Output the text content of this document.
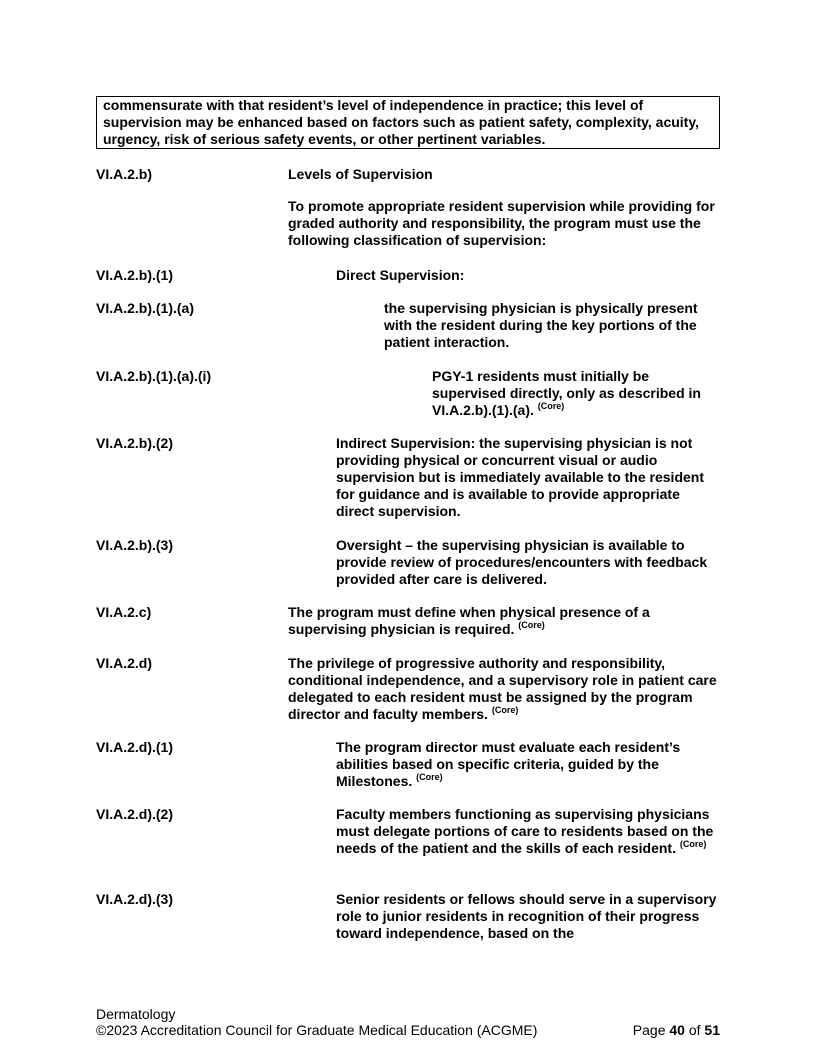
commensurate with that resident’s level of independence in practice; this level of supervision may be enhanced based on factors such as patient safety, complexity, acuity, urgency, risk of serious safety events, or other pertinent variables.
VI.A.2.b)	Levels of Supervision
To promote appropriate resident supervision while providing for graded authority and responsibility, the program must use the following classification of supervision:
VI.A.2.b).(1)	Direct Supervision:
VI.A.2.b).(1).(a)	the supervising physician is physically present with the resident during the key portions of the patient interaction.
VI.A.2.b).(1).(a).(i)	PGY-1 residents must initially be supervised directly, only as described in VI.A.2.b).(1).(a). $^{(Core)}$
VI.A.2.b).(2)	Indirect Supervision: the supervising physician is not providing physical or concurrent visual or audio supervision but is immediately available to the resident for guidance and is available to provide appropriate direct supervision.
VI.A.2.b).(3)	Oversight – the supervising physician is available to provide review of procedures/encounters with feedback provided after care is delivered.
VI.A.2.c)	The program must define when physical presence of a supervising physician is required. $^{(Core)}$
VI.A.2.d)	The privilege of progressive authority and responsibility, conditional independence, and a supervisory role in patient care delegated to each resident must be assigned by the program director and faculty members. $^{(Core)}$
VI.A.2.d).(1)	The program director must evaluate each resident’s abilities based on specific criteria, guided by the Milestones. $^{(Core)}$
VI.A.2.d).(2)	Faculty members functioning as supervising physicians must delegate portions of care to residents based on the needs of the patient and the skills of each resident. $^{(Core)}$
VI.A.2.d).(3)	Senior residents or fellows should serve in a supervisory role to junior residents in recognition of their progress toward independence, based on the
Dermatology
©2023 Accreditation Council for Graduate Medical Education (ACGME)	Page 40 of 51
